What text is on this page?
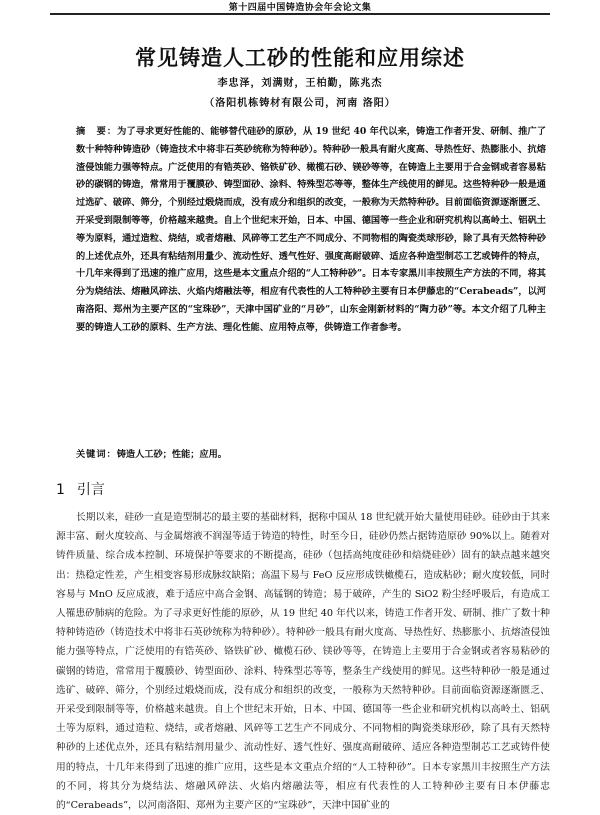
第十四届中国铸造协会年会论文集
常见铸造人工砂的性能和应用综述
李忠泽，刘满财，王柏勤，陈兆杰
（洛阳机栋铸材有限公司，河南 洛阳）
摘　要：为了寻求更好性能的、能够替代硅砂的原砂，从 19 世纪 40 年代以来，铸造工作者开发、研制、推广了数十种特种铸造砂（铸造技术中将非石英砂统称为特种砂）。特种砂一般具有耐火度高、导热性好、热膨胀小、抗熔渣侵蚀能力强等特点。广泛使用的有锆英砂、铬铁矿砂、橄榄石砂、镁砂等等，在铸造上主要用于合金钢或者容易粘砂的碳钢的铸造，常常用于覆膜砂、铸型面砂、涂料、特殊型芯等等，整体生产线使用的鲜见。这些特种砂一般是通过选矿、破碎、筛分，个别经过煅烧而成，没有成分和组织的改变，一般称为天然特种砂。目前面临资源逐渐匮乏、开采受到限制等等，价格越来越贵。自上个世纪末开始，日本、中国、德国等一些企业和研究机构以高岭土、铝矾土等为原料，通过造粒、烧结，或者熔融、风碎等工艺生产不同成分、不同物相的陶瓷类球形砂，除了具有天然特种砂的上述优点外，还具有粘结剂用量少、流动性好、透气性好、强度高耐破碎、适应各种造型制芯工艺或铸件的特点，十几年来得到了迅速的推广应用，这些是本文重点介绍的“人工特种砂”。日本专家黑川丰按照生产方法的不同，将其分为烧结法、熔融风碎法、火焰内熔融法等，相应有代表性的人工特种砂主要有日本伊藤忠的“Cerabeads”，以河南洛阳、郑州为主要产区的“宝珠砂”，天津中国矿业的“月砂”，山东金刚新材料的“陶力砂”等。本文介绍了几种主要的铸造人工砂的原料、生产方法、理化性能、应用特点等，供铸造工作者参考。
关键词：铸造人工砂；性能；应用。
1 引言
长期以来，硅砂一直是造型制芯的最主要的基础材料，据称中国从 18 世纪就开始大量使用硅砂。硅砂由于其来源丰富、耐火度较高、与金属熔液不润湿等适于铸造的特性，时至今日，硅砂仍然占据铸造原砂 90%以上。随着对铸件质量、综合成本控制、环境保护等要求的不断提高，硅砂（包括高纯度硅砂和焙烧硅砂）固有的缺点越来越突出：热稳定性差，产生相变容易形成脉纹缺陷；高温下易与 FeO 反应形成铁橄榄石，造成粘砂；耐火度较低，同时容易与 MnO 反应成液，难于适应中高合金钢、高锰钢的铸造；易于破碎，产生的 SiO2 粉尘经呼吸后，有造成工人罹患矽肺病的危险。为了寻求更好性能的原砂，从 19 世纪 40 年代以来，铸造工作者开发、研制、推广了数十种特种铸造砂（铸造技术中将非石英砂统称为特种砂）。特种砂一般具有耐火度高、导热性好、热膨胀小、抗熔渣侵蚀能力强等特点，广泛使用的有锆英砂、铬铁矿砂、橄榄石砂、镁砂等等，在铸造上主要用于合金钢或者容易粘砂的碳钢的铸造，常常用于覆膜砂、铸型面砂、涂料、特殊型芯等等，整条生产线使用的鲜见。这些特种砂一般是通过选矿、破碎、筛分，个别经过煅烧而成，没有成分和组织的改变，一般称为天然特种砂。目前面临资源逐渐匮乏、开采受到限制等等，价格越来越贵。自上个世纪末开始，日本、中国、德国等一些企业和研究机构以高岭土、铝矾土等为原料，通过造粒、烧结，或者熔融、风碎等工艺生产不同成分、不同物相的陶瓷类球形砂，除了具有天然特种砂的上述优点外，还具有粘结剂用量少、流动性好、透气性好、强度高耐破碎、适应各种造型制芯工艺或铸件使用的特点，十几年来得到了迅速的推广应用，这些是本文重点介绍的“人工特种砂”。日本专家黑川丰按照生产方法的不同，将其分为烧结法、熔融风碎法、火焰内熔融法等，相应有代表性的人工特种砂主要有日本伊藤忠的“Cerabeads”，以河南洛阳、郑州为主要产区的“宝珠砂”，天津中国矿业的
